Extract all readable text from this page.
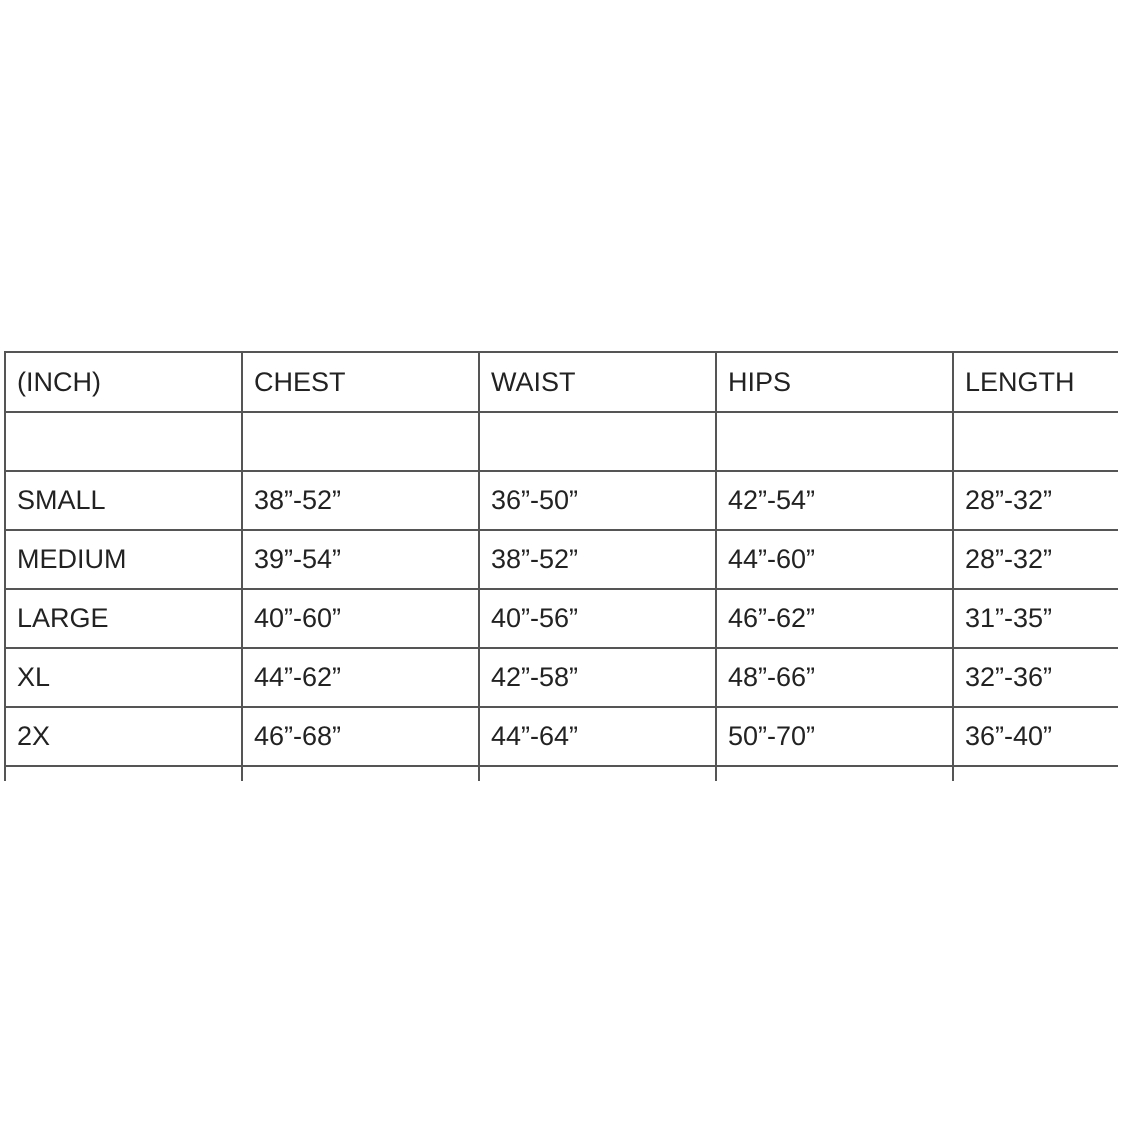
(INCH)	CHEST	WAIST	HIPS	LENGTH

SMALL	38”-52”	36”-50”	42”-54”	28”-32”
MEDIUM	39”-54”	38”-52”	44”-60”	28”-32”
LARGE	40”-60”	40”-56”	46”-62”	31”-35”
XL	44”-62”	42”-58”	48”-66”	32”-36”
2X	46”-68”	44”-64”	50”-70”	36”-40”
